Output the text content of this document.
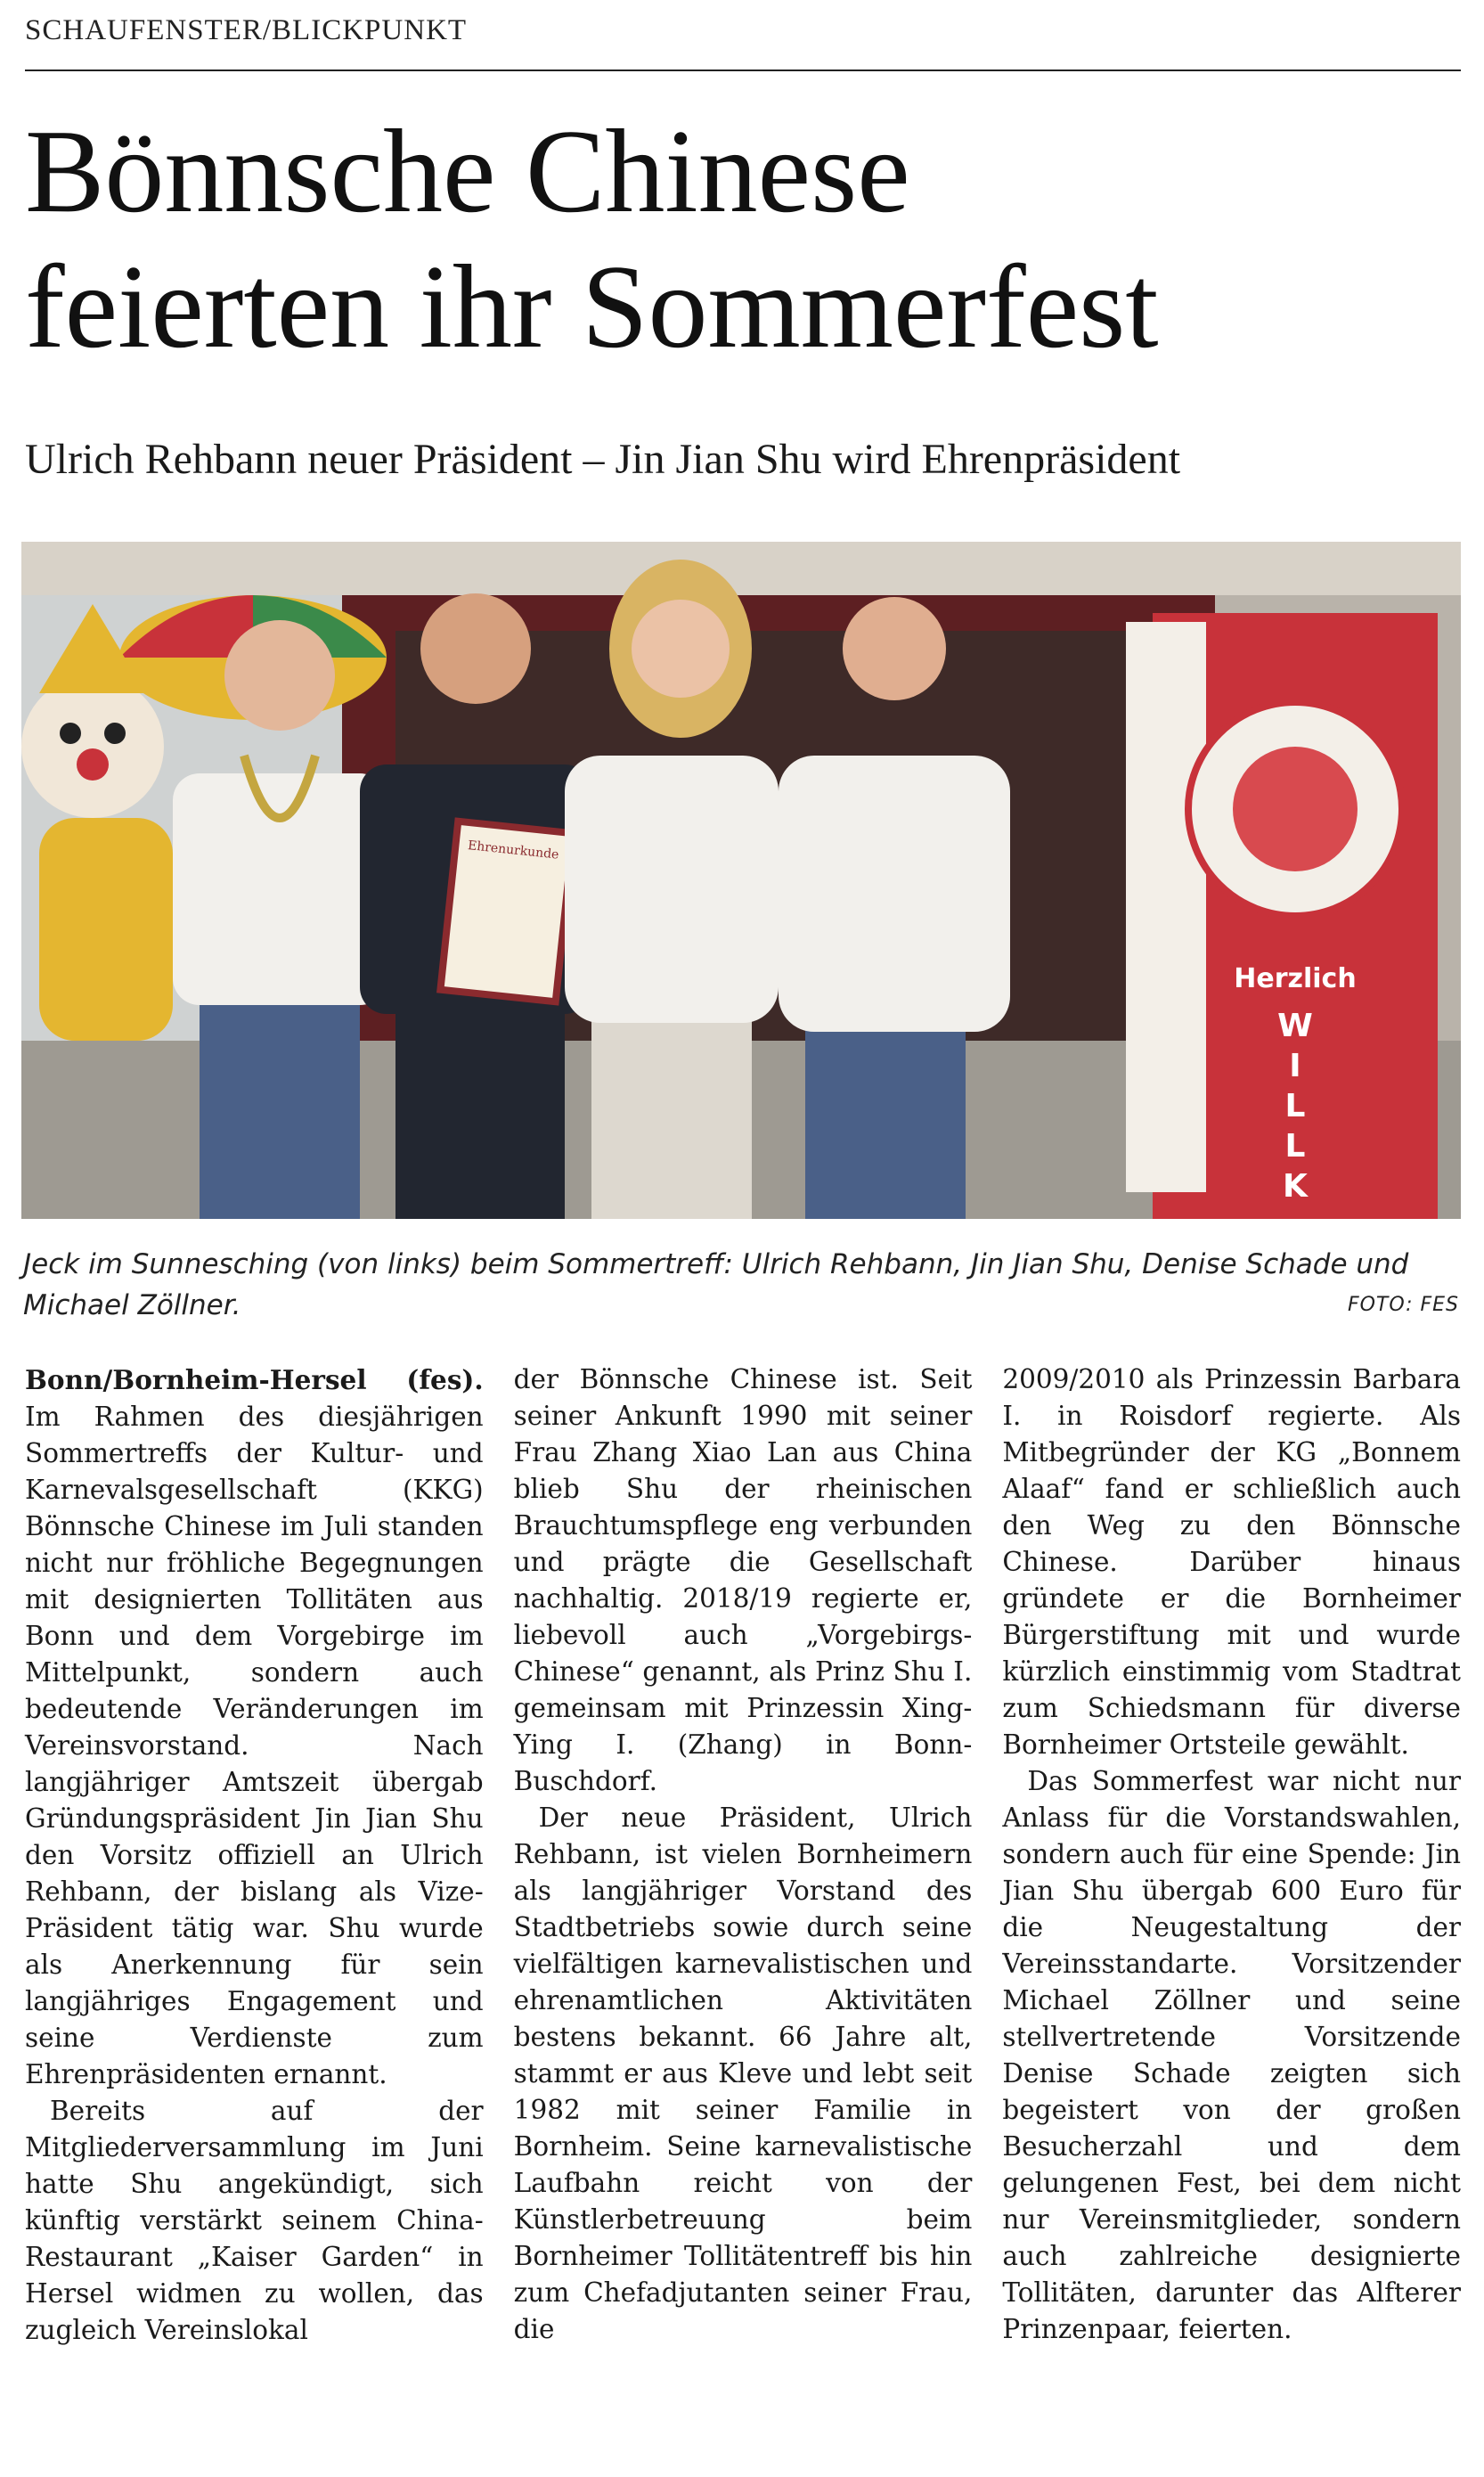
SCHAUFENSTER/BLICKPUNKT
Bönnsche Chinese
feierten ihr Sommerfest
Ulrich Rehbann neuer Präsident – Jin Jian Shu wird Ehrenpräsident
Herzlich
W
I
L
L
K
Ehrenurkunde
Jeck im Sunnesching (von links) beim Sommertreff: Ulrich Rehbann, Jin Jian Shu, Denise Schade und Michael Zöllner.	FOTO: FES

Bonn/Bornheim-Hersel (fes). Im Rahmen des diesjährigen Sommertreffs der Kultur- und Karnevalsgesellschaft (KKG) Bönnsche Chinese im Juli standen nicht nur fröhliche Begegnungen mit designierten Tollitäten aus Bonn und dem Vorgebirge im Mittelpunkt, sondern auch bedeutende Veränderungen im Vereinsvorstand. Nach langjähriger Amtszeit übergab Gründungspräsident Jin Jian Shu den Vorsitz offiziell an Ulrich Rehbann, der bislang als Vize-Präsident tätig war. Shu wurde als Anerkennung für sein langjähriges Engagement und seine Verdienste zum Ehrenpräsidenten ernannt.

Bereits auf der Mitgliederversammlung im Juni hatte Shu angekündigt, sich künftig verstärkt seinem China-Restaurant „Kaiser Garden“ in Hersel widmen zu wollen, das zugleich Vereinslokal

der Bönnsche Chinese ist. Seit seiner Ankunft 1990 mit seiner Frau Zhang Xiao Lan aus China blieb Shu der rheinischen Brauchtumspflege eng verbunden und prägte die Gesellschaft nachhaltig. 2018/19 regierte er, liebevoll auch „Vorgebirgs-Chinese“ genannt, als Prinz Shu I. gemeinsam mit Prinzessin Xing-Ying I. (Zhang) in Bonn-Buschdorf.

Der neue Präsident, Ulrich Rehbann, ist vielen Bornheimern als langjähriger Vorstand des Stadtbetriebs sowie durch seine vielfältigen karnevalistischen und ehrenamtlichen Aktivitäten bestens bekannt. 66 Jahre alt, stammt er aus Kleve und lebt seit 1982 mit seiner Familie in Bornheim. Seine karnevalistische Laufbahn reicht von der Künstlerbetreuung beim Bornheimer Tollitätentreff bis hin zum Chefadjutanten seiner Frau, die

2009/2010 als Prinzessin Barbara I. in Roisdorf regierte. Als Mitbegründer der KG „Bonnem Alaaf“ fand er schließlich auch den Weg zu den Bönnsche Chinese. Darüber hinaus gründete er die Bornheimer Bürgerstiftung mit und wurde kürzlich einstimmig vom Stadtrat zum Schiedsmann für diverse Bornheimer Ortsteile gewählt.

Das Sommerfest war nicht nur Anlass für die Vorstandswahlen, sondern auch für eine Spende: Jin Jian Shu übergab 600 Euro für die Neugestaltung der Vereinsstandarte. Vorsitzender Michael Zöllner und seine stellvertretende Vorsitzende Denise Schade zeigten sich begeistert von der großen Besucherzahl und dem gelungenen Fest, bei dem nicht nur Vereinsmitglieder, sondern auch zahlreiche designierte Tollitäten, darunter das Alfterer Prinzenpaar, feierten.
